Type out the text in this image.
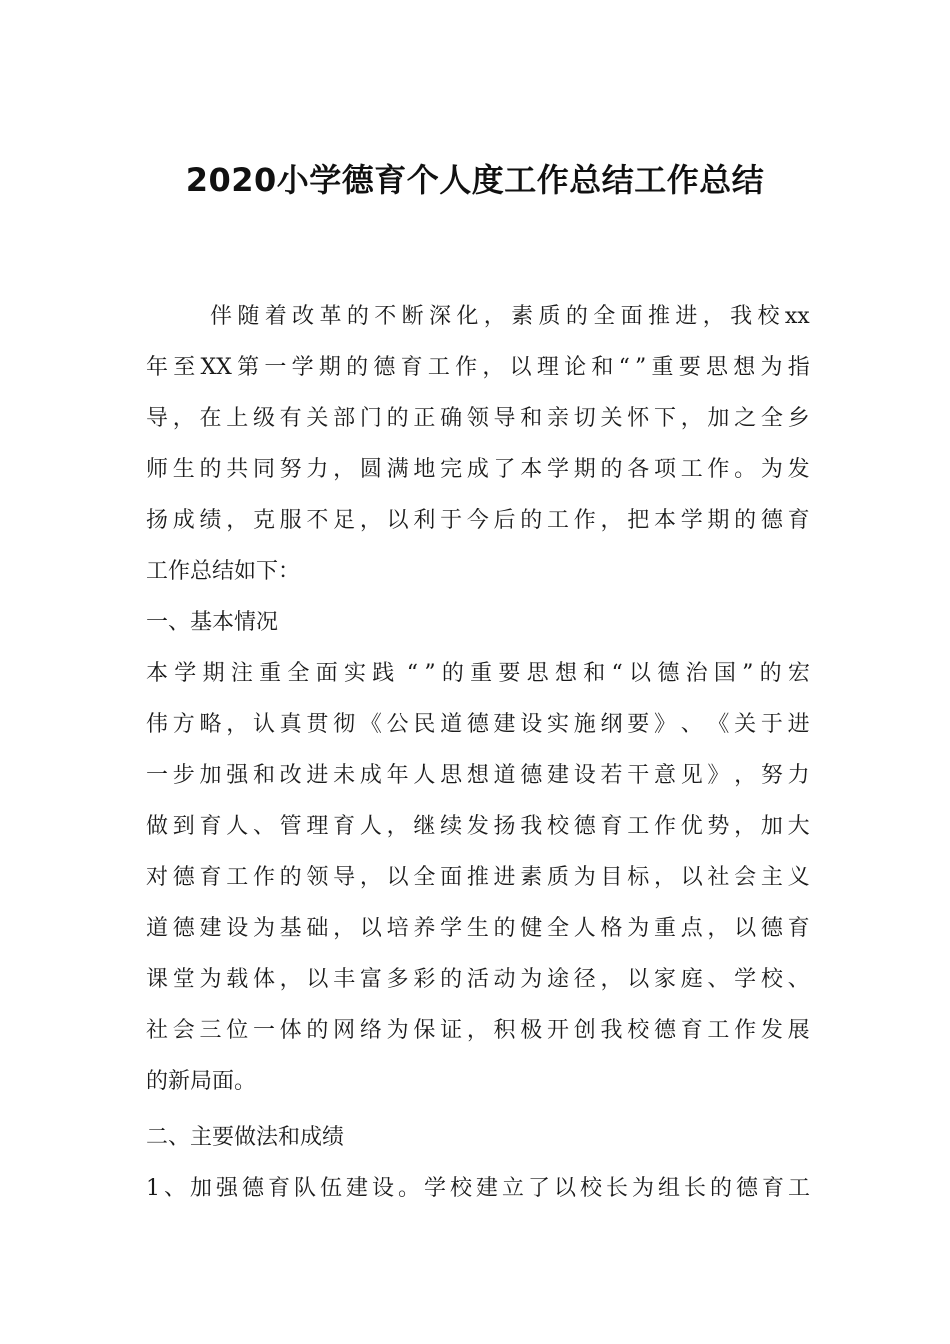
2020小学德育个人度工作总结工作总结
伴 随 着 改 革 的 不 断 深 化 ， 素 质 的 全 面 推 进 ， 我 校 xx
年 至 XX 第 一 学 期 的 德 育 工 作 ， 以 理 论 和 “ ” 重 要 思 想 为 指
导 ， 在 上 级 有 关 部 门 的 正 确 领 导 和 亲 切 关 怀 下 ， 加 之 全 乡
师 生 的 共 同 努 力 ， 圆 满 地 完 成 了 本 学 期 的 各 项 工 作 。 为 发
扬 成 绩 ， 克 服 不 足 ， 以 利 于 今 后 的 工 作 ， 把 本 学 期 的 德 育
工作总结如下：
一、基本情况
本 学 期 注 重 全 面 实 践 “ ” 的 重 要 思 想 和 “ 以 德 治 国 ” 的 宏
伟 方 略 ， 认 真 贯 彻 《 公 民 道 德 建 设 实 施 纲 要 》 、 《 关 于 进
一 步 加 强 和 改 进 未 成 年 人 思 想 道 德 建 设 若 干 意 见 》 ， 努 力
做 到 育 人 、 管 理 育 人 ， 继 续 发 扬 我 校 德 育 工 作 优 势 ， 加 大
对 德 育 工 作 的 领 导 ， 以 全 面 推 进 素 质 为 目 标 ， 以 社 会 主 义
道 德 建 设 为 基 础 ， 以 培 养 学 生 的 健 全 人 格 为 重 点 ， 以 德 育
课 堂 为 载 体 ， 以 丰 富 多 彩 的 活 动 为 途 径 ， 以 家 庭 、 学 校 、
社 会 三 位 一 体 的 网 络 为 保 证 ， 积 极 开 创 我 校 德 育 工 作 发 展
的新局面。
二、主要做法和成绩
1 、 加 强 德 育 队 伍 建 设 。 学 校 建 立 了 以 校 长 为 组 长 的 德 育 工
